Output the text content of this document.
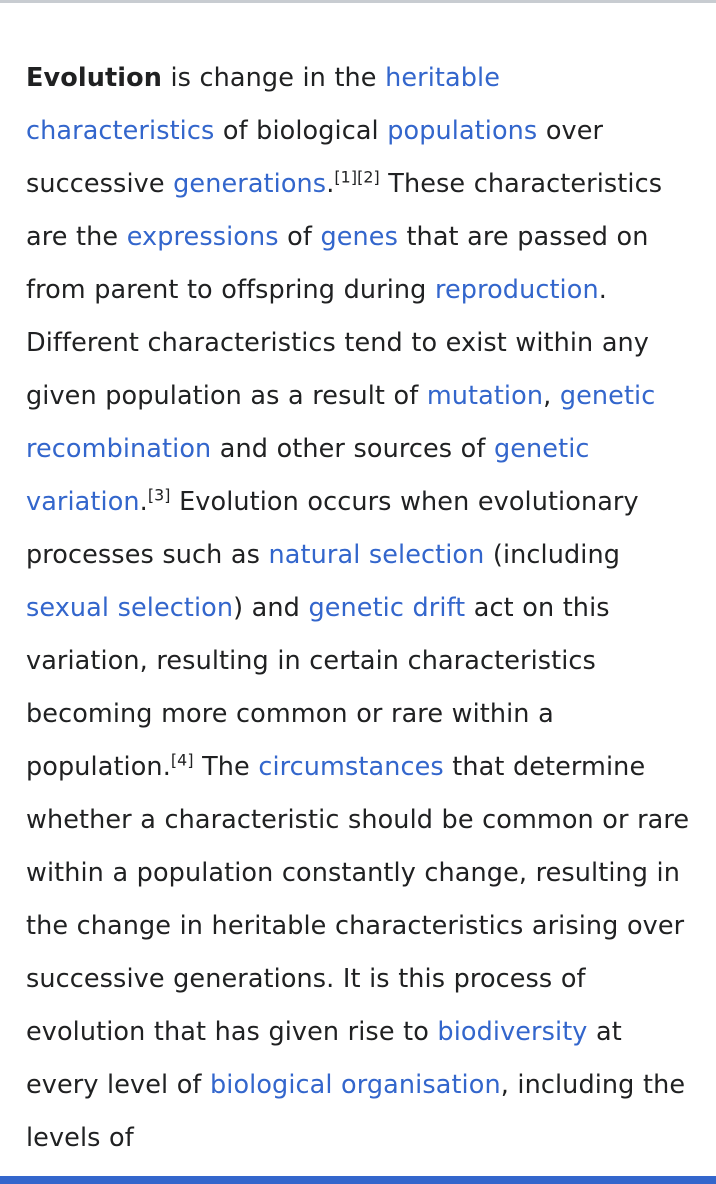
Evolution is change in the heritable characteristics of biological populations over successive generations.[1][2] These characteristics are the expressions of genes that are passed on from parent to offspring during reproduction. Different characteristics tend to exist within any given population as a result of mutation, genetic recombination and other sources of genetic variation.[3] Evolution occurs when evolutionary processes such as natural selection (including sexual selection) and genetic drift act on this variation, resulting in certain characteristics becoming more common or rare within a population.[4] The circumstances that determine whether a characteristic should be common or rare within a population constantly change, resulting in the change in heritable characteristics arising over successive generations. It is this process of evolution that has given rise to biodiversity at every level of biological organisation, including the levels of
